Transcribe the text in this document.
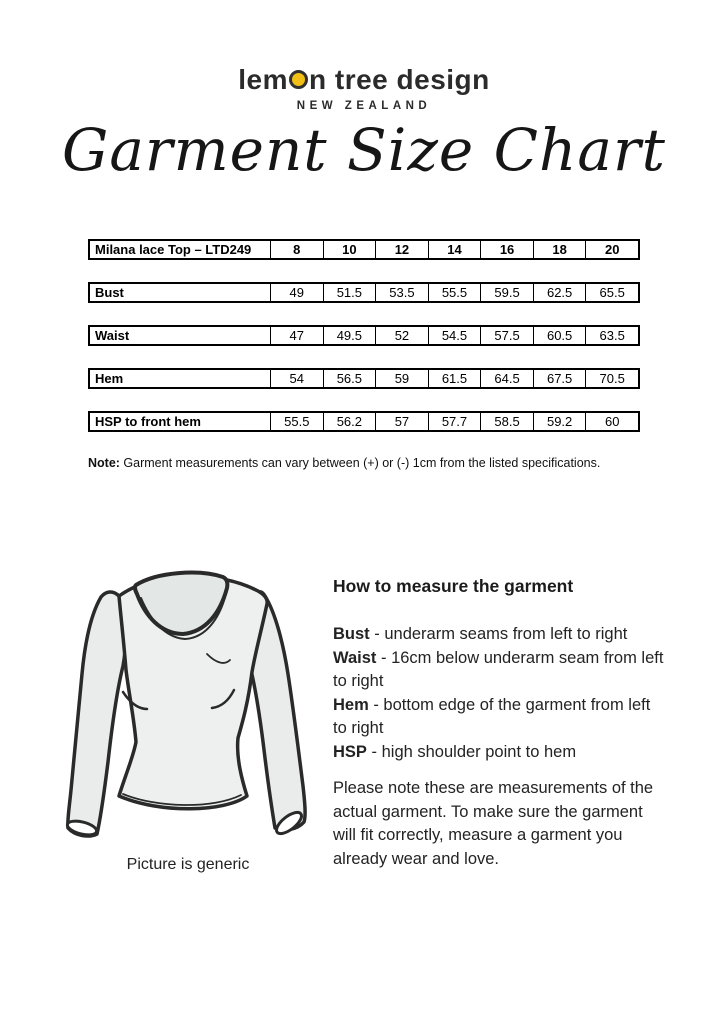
lem n tree design
NEW ZEALAND
Garment Size Chart
Milana lace Top – LTD249	8	10	12	14	16	18	20
Bust	49	51.5	53.5	55.5	59.5	62.5	65.5
Waist	47	49.5	52	54.5	57.5	60.5	63.5
Hem	54	56.5	59	61.5	64.5	67.5	70.5
HSP to front hem	55.5	56.2	57	57.7	58.5	59.2	60

Note: Garment measurements can vary between (+) or (-) 1cm from the listed specifications.

Picture is generic
How to measure the garment
Bust - underarm seams from left to right
Waist - 16cm below underarm seam from left to right
Hem - bottom edge of the garment from left to right
HSP - high shoulder point to hem

Please note these are measurements of the actual garment. To make sure the garment will fit correctly, measure a garment you already wear and love.
